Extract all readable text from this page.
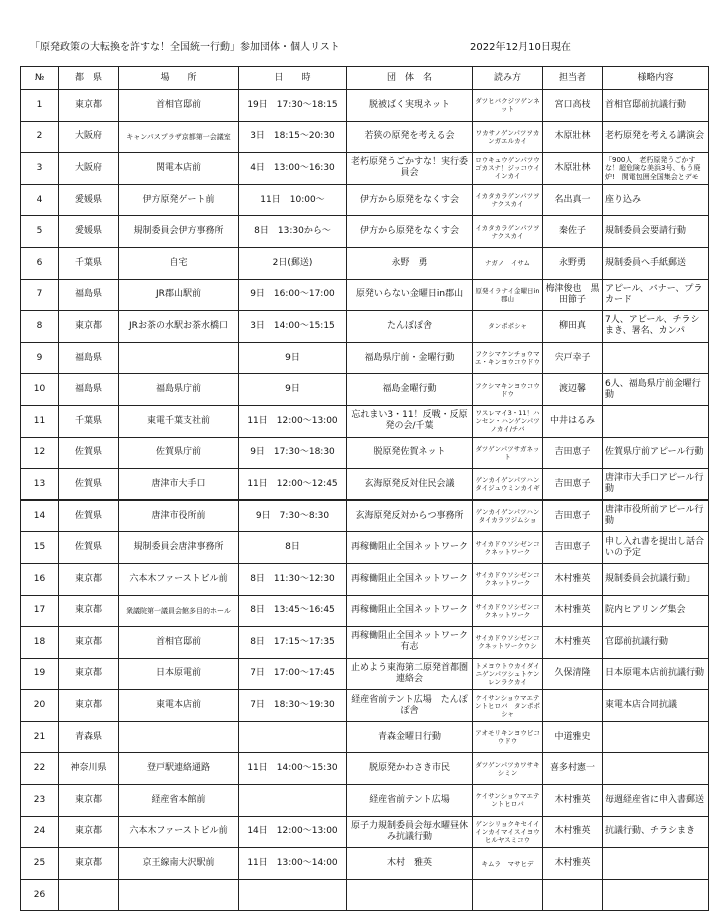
「原発政策の大転換を許すな！全国統一行動」参加団体・個人リスト	2022年12月10日現在
№	都　県	場　　所	日　　時	団　体　名	読み方	担当者	様略内容
1	東京都	首相官邸前	19日　17:30～18:15	脱被ばく実現ネット	ダツヒバクジツゲンネット	宮口高枝	首相官邸前抗議行動
2	大阪府	キャンパスプラザ京都第一会議室	3日　18:15～20:30	若狭の原発を考える会	ワカサノゲンパツヲカンガエルカイ	木原壯林	老朽原発を考える講演会
3	大阪府	関電本店前	4日　13:00～16:30	老朽原発うごかすな！実行委員会	ロウキュウゲンパツウゴカスナ！ジッコウイインカイ	木原壯林	「900人　老朽原発うごかすな！超危険な美浜3号、もう廃炉!　関電包囲全国集会とデモ
4	愛媛県	伊方原発ゲート前	11日　10:00～	伊方から原発をなくす会	イカタカラゲンパツヲナクスカイ	名出真一	座り込み
5	愛媛県	規制委員会伊方事務所	8日　13:30から～	伊方から原発をなくす会	イカタカラゲンパツヲナクスカイ	秦佐子	規制委員会要請行動
6	千葉県	自宅	2日(郵送)	永野　勇	ナガノ　イサム	永野勇	規制委員へ手紙郵送
7	福島県	JR郡山駅前	9日　16:00～17:00	原発いらない金曜日in郡山	原発イラナイ金曜日in郡山	梅津俊也　黒田節子	アピール、バナー、プラカード
8	東京都	JRお茶の水駅お茶水橋口	3日　14:00～15:15	たんぽぽ舎	タンポポシャ	柳田真	7人、アピール、チラシまき、署名、カンパ
9	福島県		9日	福島県庁前・金曜行動	フクシマケンチョウマエ・キンヨウコウドウ	宍戸幸子	
10	福島県	福島県庁前	9日	福島金曜行動	フクシマキンヨウコウドウ	渡辺馨	6人、福島県庁前金曜行動
11	千葉県	東電千葉支社前	11日　12:00～13:00	忘れまい3・11！反戦・反原発の会/千葉	ワスレマイ3・11！ハンセン・ハンゲンパツノカイ/チバ	中井はるみ	
12	佐賀県	佐賀県庁前	9日　17:30～18:30	脱原発佐賀ネット	ダツゲンパツサガネット	吉田恵子	佐賀県庁前アピール行動
13	佐賀県	唐津市大手口	11日　12:00～12:45	玄海原発反対住民会議	ゲンカイゲンパツハンタイジュウミンカイギ	吉田恵子	唐津市大手口アピール行動
14	佐賀県	唐津市役所前	9日　7:30～8:30	玄海原発反対からつ事務所	ゲンカイゲンパツハンタイカラツジムショ	吉田恵子	唐津市役所前アピール行動
15	佐賀県	規制委員会唐津事務所	8日	再稼働阻止全国ネットワーク	サイカドウソシゼンコクネットワーク	吉田恵子	申し入れ書を提出し話合いの予定
16	東京都	六本木ファーストビル前	8日　11:30～12:30	再稼働阻止全国ネットワーク	サイカドウソシゼンコクネットワーク	木村雅英	規制委員会抗議行動」
17	東京都	衆議院第一議員会館多目的ホール	8日　13:45～16:45	再稼働阻止全国ネットワーク	サイカドウソシゼンコクネットワーク	木村雅英	院内ヒアリング集会
18	東京都	首相官邸前	8日　17:15～17:35	再稼働阻止全国ネットワーク有志	サイカドウソシゼンコクネットワークウシ	木村雅英	官邸前抗議行動
19	東京都	日本原電前	7日　17:00～17:45	止めよう東海第二原発首都圏連絡会	トメヨウトウカイダイニゲンパツシュトケンレンラクカイ	久保清隆	日本原電本店前抗議行動
20	東京都	東電本店前	7日　18:30～19:30	経産省前テント広場　たんぽぽ舎	ケイサンショウマエテントヒロバ　タンポポシャ		東電本店合同抗議
21	青森県			青森金曜日行動	アオモリキンヨウビコウドウ	中道雅史	
22	神奈川県	登戸駅連絡通路	11日　14:00～15:30	脱原発かわさき市民	ダツゲンパツカワサキシミン	喜多村憲一	
23	東京都	経産省本館前		経産省前テント広場	ケイサンショウマエテントヒロバ	木村雅英	毎週経産省に申入書郵送
24	東京都	六本木ファーストビル前	14日　12:00～13:00	原子力規制委員会毎水曜昼休み抗議行動	ゲンシリョクキセイイインカイマイスイヨウヒルヤスミコウ	木村雅英	抗議行動、チラシまき
25	東京都	京王線南大沢駅前	11日　13:00～14:00	木村　雅英	キムラ　マサヒデ	木村雅英	
26							
